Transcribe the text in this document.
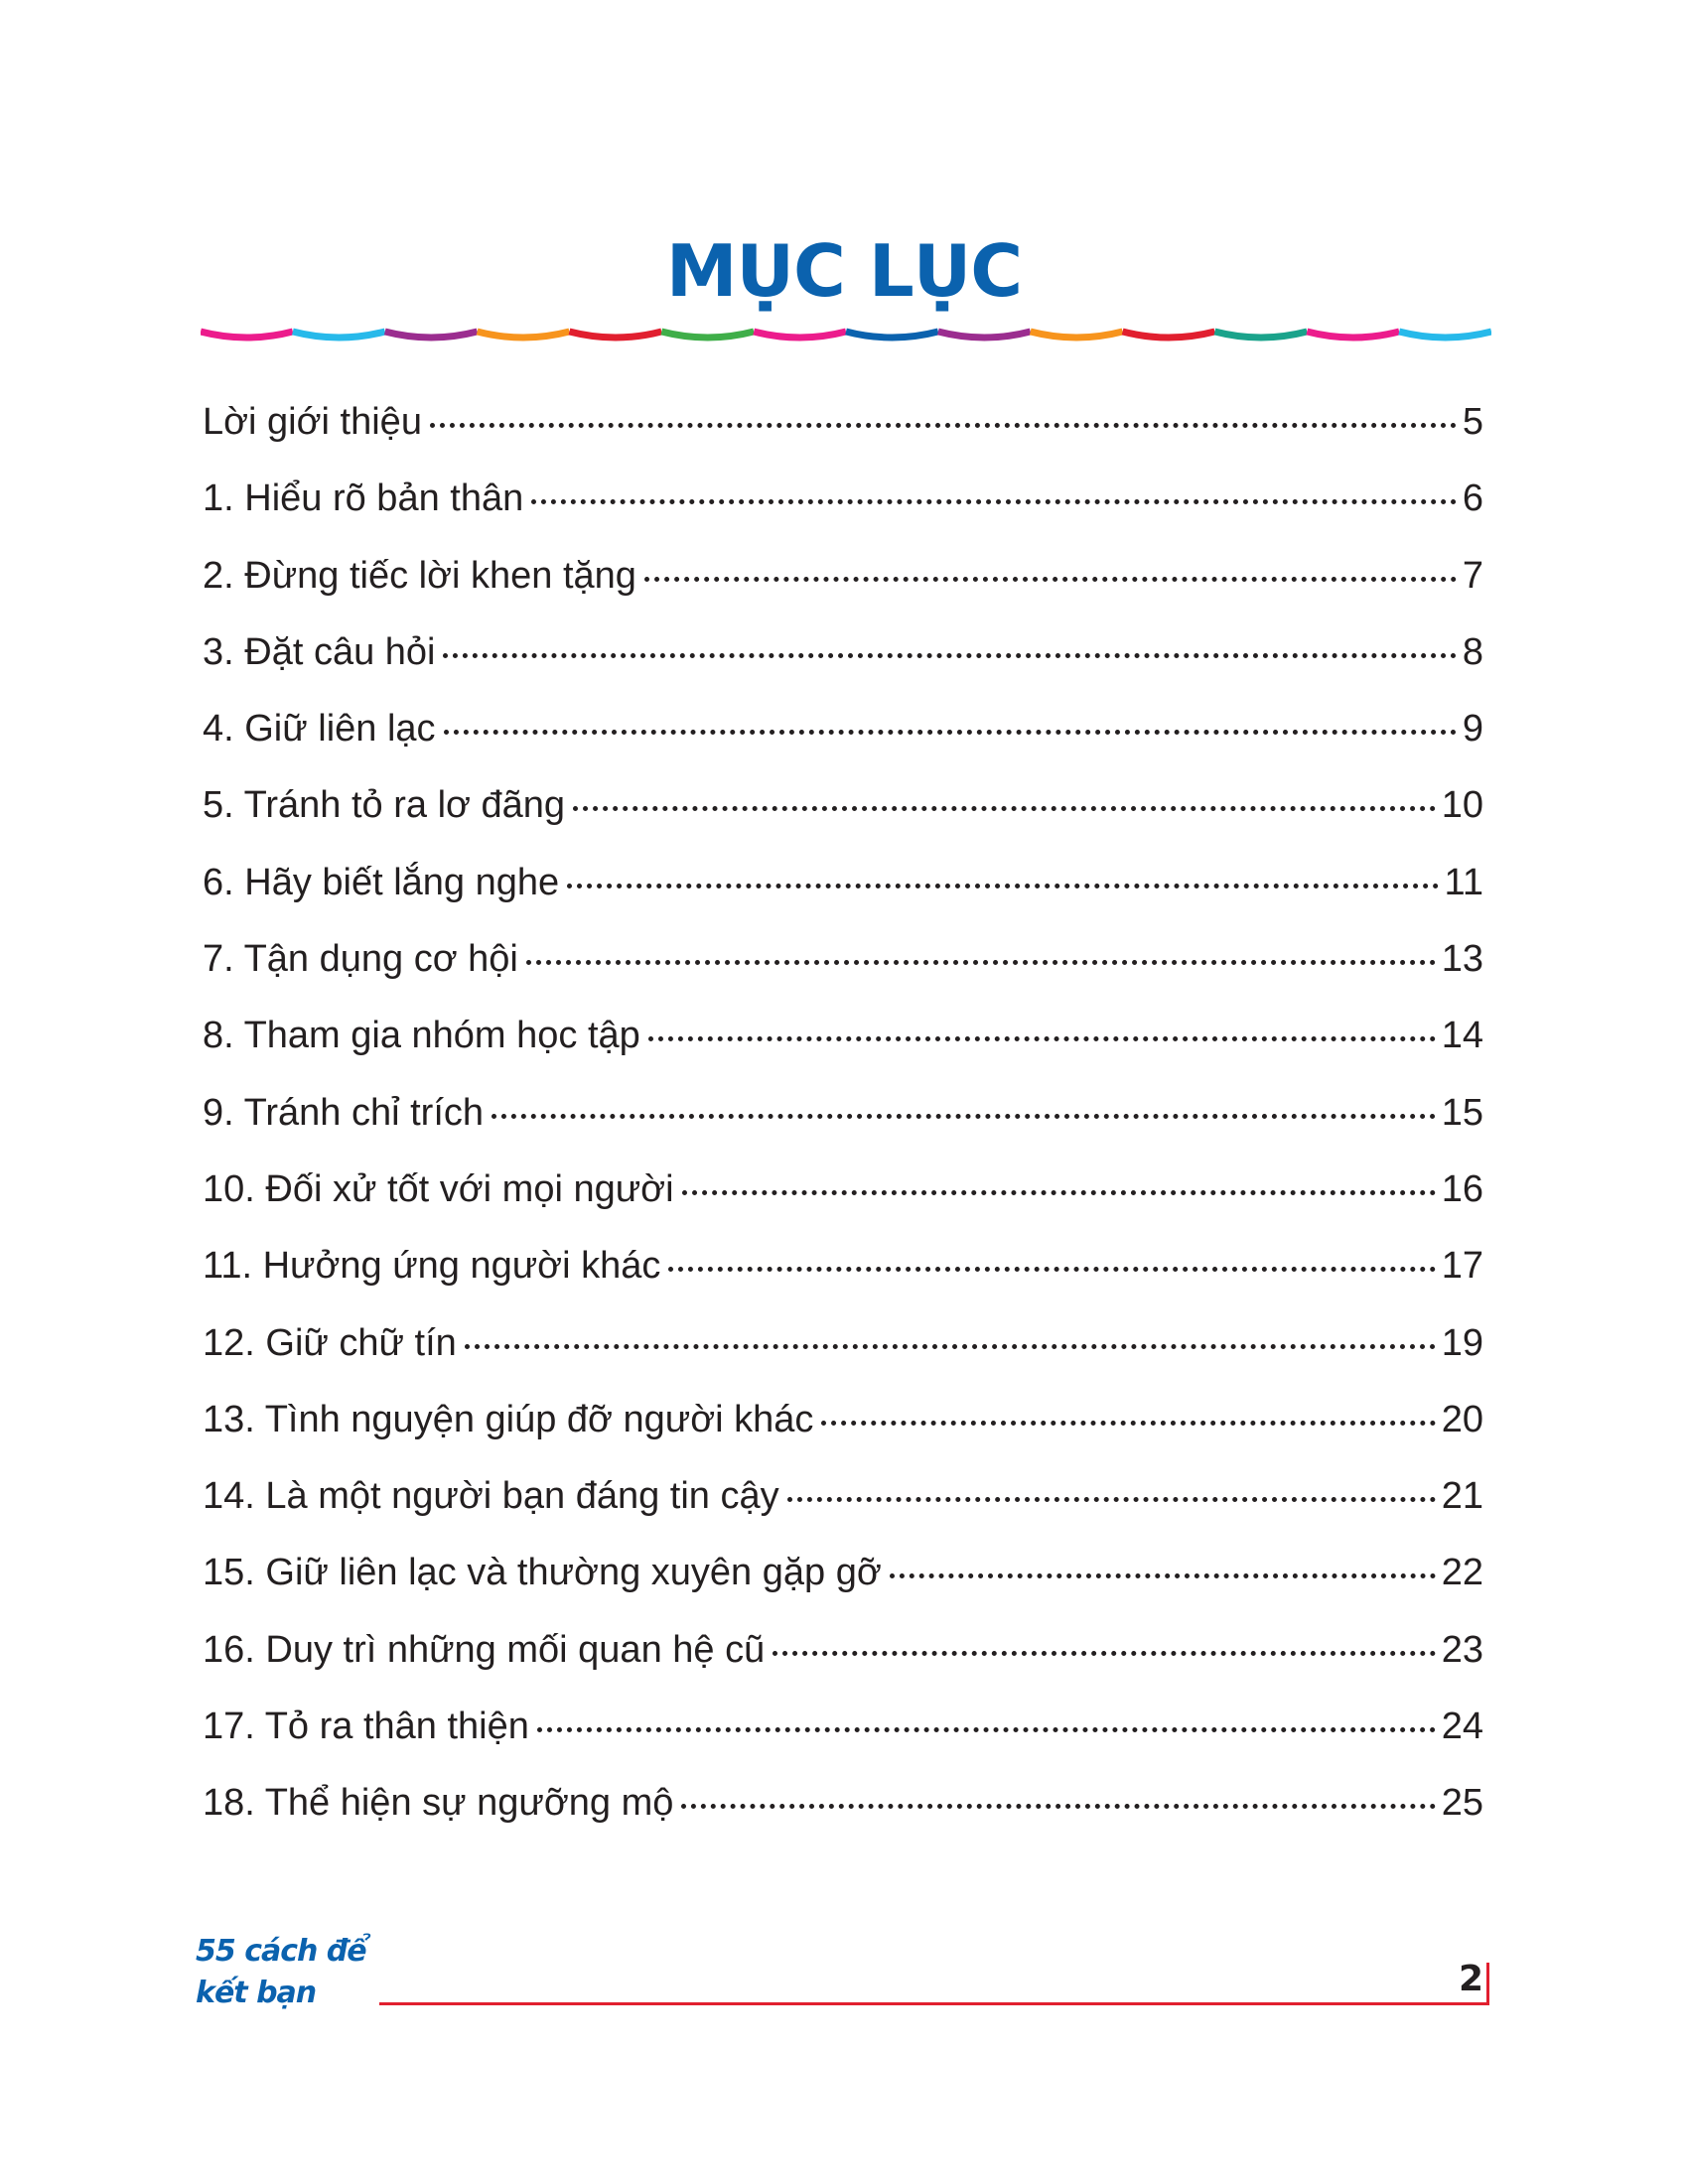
MỤC LỤC
Lời giới thiệu	5
1. Hiểu rõ bản thân	6
2. Đừng tiếc lời khen tặng	7
3. Đặt câu hỏi	8
4. Giữ liên lạc	9
5. Tránh tỏ ra lơ đãng	10
6. Hãy biết lắng nghe	11
7. Tận dụng cơ hội	13
8. Tham gia nhóm học tập	14
9. Tránh chỉ trích	15
10. Đối xử tốt với mọi người	16
11. Hưởng ứng người khác	17
12. Giữ chữ tín	19
13. Tình nguyện giúp đỡ người khác	20
14. Là một người bạn đáng tin cậy	21
15. Giữ liên lạc và thường xuyên gặp gỡ	22
16. Duy trì những mối quan hệ cũ	23
17. Tỏ ra thân thiện	24
18. Thể hiện sự ngưỡng mộ	25
55 cách để
kết bạn	2
